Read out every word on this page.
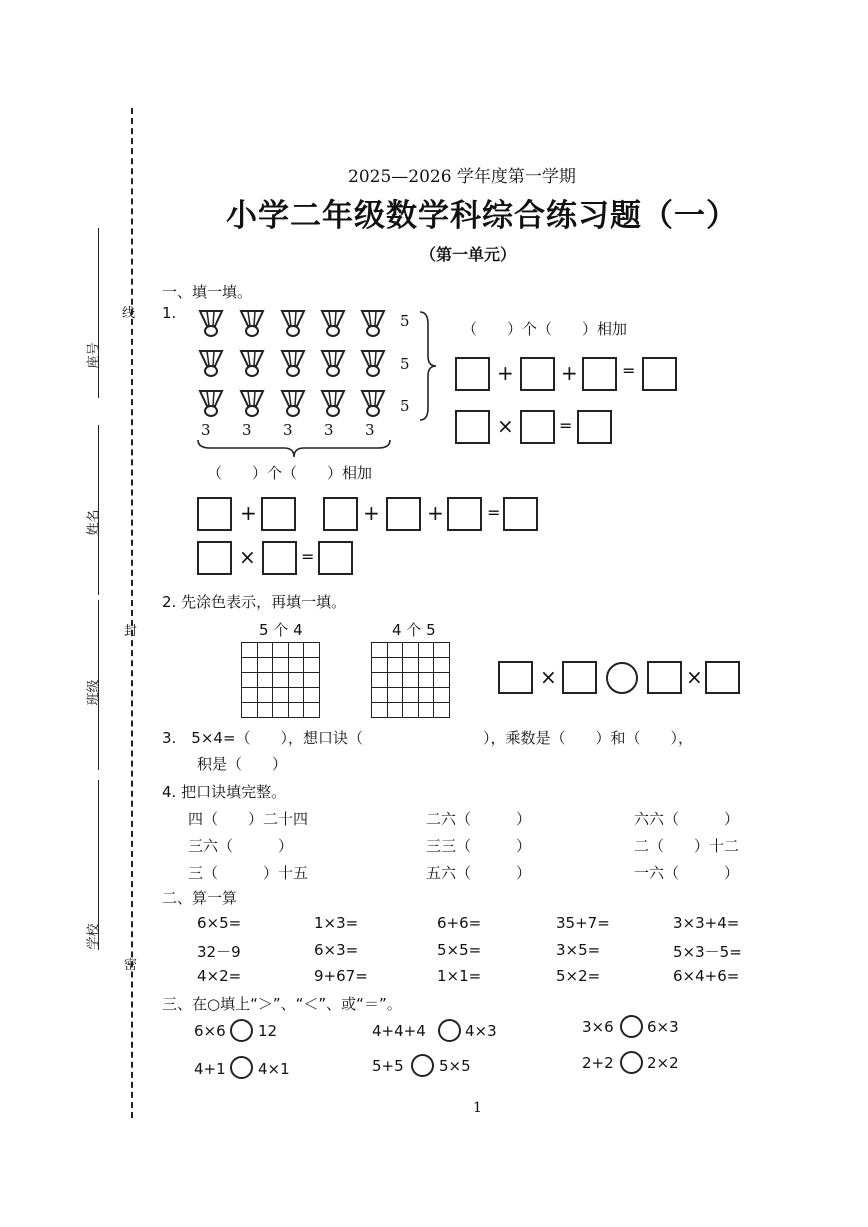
线
封
密
座号
姓名
班级
学校
2025—2026 学年度第一学期
小学二年级数学科综合练习题（一）
（第一单元）
一、填一填。
1.	5
5
5
3 3 3 3 3
（　　）个（　　）相加
+ +	=
×	=
（　　）个（　　）相加
+	+ +	=
×	=
2. 先涂色表示，再填一填。
5 个 4	4 个 5

×	×
3.　5×4=（　　），想口诀（　　　　　　　　），乘数是（　　）和（　　），
积是（　　）
4. 把口诀填完整。
四（　　）二十四	二六（　　　）	六六（　　　）
三六（　　　）	三三（　　　）	二（　　）十二
三（　　　）十五	五六（　　　）	一六（　　　）
二、算一算
6×5=	1×3=	6+6=	35+7=	3×3+4=
32－9	6×3=	5×5=	3×5=	5×3－5=
4×2=	9+67=	1×1=	5×2=	6×4+6=
三、在○填上“＞”、“＜”、或“＝”。
6×6 12	4+4+4	4×3	3×6 6×3
4+1 4×1	5+5 5×5	2+2 2×2
1
